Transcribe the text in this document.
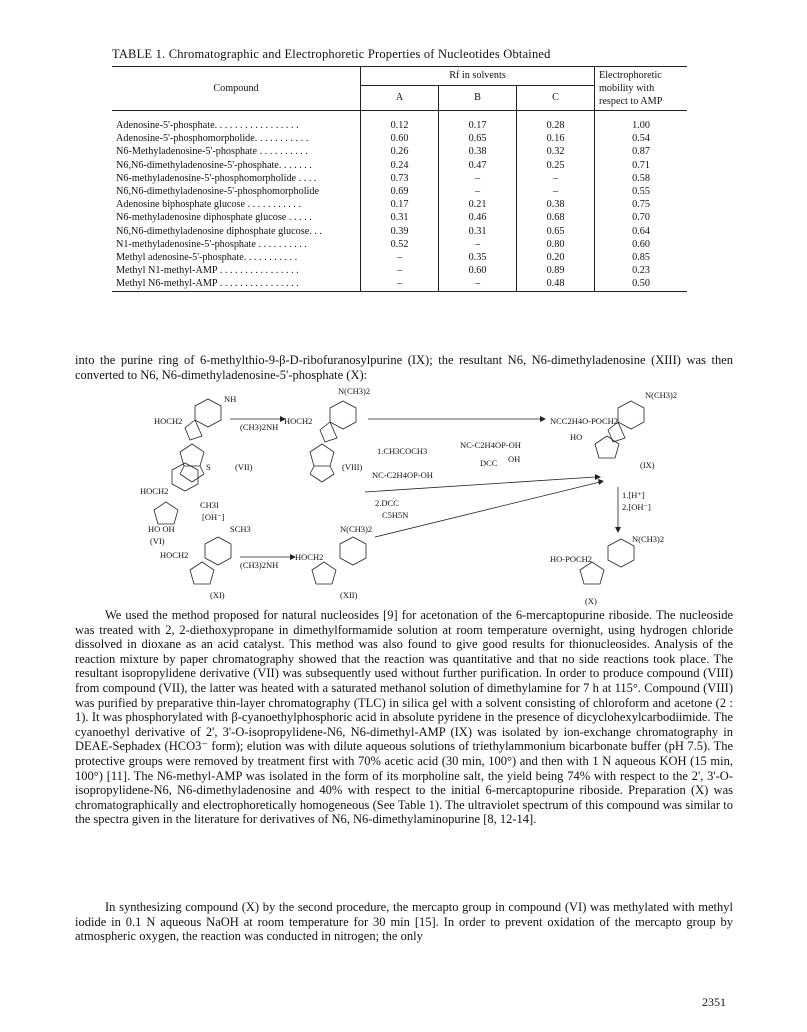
TABLE 1. Chromatographic and Electrophoretic Properties of Nucleotides Obtained
Compound	Rf in solvents			Electrophoretic mobility with respect to AMP
	A	B	C	

Adenosine-5'-phosphate. . . . . . . . . . . . . . . . .	0.12	0.17	0.28	1.00
Adenosine-5'-phosphomorpholide. . . . . . . . . . .	0.60	0.65	0.16	0.54
N6-Methyladenosine-5'-phosphate . . . . . . . . . .	0.26	0.38	0.32	0.87
N6,N6-dimethyladenosine-5'-phosphate. . . . . . .	0.24	0.47	0.25	0.71
N6-methyladenosine-5'-phosphomorpholide . . . .	0.73	–	–	0.58
N6,N6-dimethyladenosine-5'-phosphomorpholide	0.69	–	–	0.55
Adenosine biphosphate glucose . . . . . . . . . . .	0.17	0.21	0.38	0.75
N6-methyladenosine diphosphate glucose . . . . .	0.31	0.46	0.68	0.70
N6,N6-dimethyladenosine diphosphate glucose. . .	0.39	0.31	0.65	0.64
N1-methyladenosine-5'-phosphate . . . . . . . . . .	0.52	–	0.80	0.60
Methyl adenosine-5'-phosphate. . . . . . . . . . .	–	0.35	0.20	0.85
Methyl N1-methyl-AMP . . . . . . . . . . . . . . . .	–	0.60	0.89	0.23
Methyl N6-methyl-AMP . . . . . . . . . . . . . . . .	–	–	0.48	0.50

into the purine ring of 6-methylthio-9-β-D-ribofuranosylpurine (IX); the resultant N6, N6-dimethyladenosine (XIII) was then converted to N6, N6-dimethyladenosine-5'-phosphate (X):

HOCH2
NH
(CH3)2NH
HOCH2
N(CH3)2	N(CH3)2
NCC2H4O-POCH2
HO
(VII)
S	(VIII)
NC-C2H4OP-OH
DCC OH
1.CH3COCH3
NC-C2H4OP-OH
2.DCC
C5H5N
(IX)
1.[H⁺]
2.[OH⁻]
HOCH2
CH3I
[OH⁻]
HO OH
(VI)
SCH3	N(CH3)2
N(CH3)2
HOCH2
(CH3)2NH
HOCH2	HO-POCH2
(XI)	(XII)
(X)

We used the method proposed for natural nucleosides [9] for acetonation of the 6-mercaptopurine riboside. The nucleoside was treated with 2, 2-diethoxypropane in dimethylformamide solution at room temperature overnight, using hydrogen chloride dissolved in dioxane as an acid catalyst. This method was also found to give good results for thionucleosides. Analysis of the reaction mixture by paper chromatography showed that the reaction was quantitative and that no side reactions took place. The resultant isopropylidene derivative (VII) was subsequently used without further purification. In order to produce compound (VIII) from compound (VII), the latter was heated with a saturated methanol solution of dimethylamine for 7 h at 115°. Compound (VIII) was purified by preparative thin-layer chromatography (TLC) in silica gel with a solvent consisting of chloroform and acetone (2 : 1). It was phosphorylated with β-cyanoethylphosphoric acid in absolute pyridene in the presence of dicyclohexylcarbodiimide. The cyanoethyl derivative of 2', 3'-O-isopropylidene-N6, N6-dimethyl-AMP (IX) was isolated by ion-exchange chromatography in DEAE-Sephadex (HCO3⁻ form); elution was with dilute aqueous solutions of triethylammonium bicarbonate buffer (pH 7.5). The protective groups were removed by treatment first with 70% acetic acid (30 min, 100°) and then with 1 N aqueous KOH (15 min, 100°) [11]. The N6-methyl-AMP was isolated in the form of its morpholine salt, the yield being 74% with respect to the 2', 3'-O-isopropylidene-N6, N6-dimethyladenosine and 40% with respect to the initial 6-mercaptopurine riboside. Preparation (X) was chromatographically and electrophoretically homogeneous (See Table 1). The ultraviolet spectrum of this compound was similar to the spectra given in the literature for derivatives of N6, N6-dimethylaminopurine [8, 12-14].

In synthesizing compound (X) by the second procedure, the mercapto group in compound (VI) was methylated with methyl iodide in 0.1 N aqueous NaOH at room temperature for 30 min [15]. In order to prevent oxidation of the mercapto group by atmospheric oxygen, the reaction was conducted in nitrogen; the only

2351
